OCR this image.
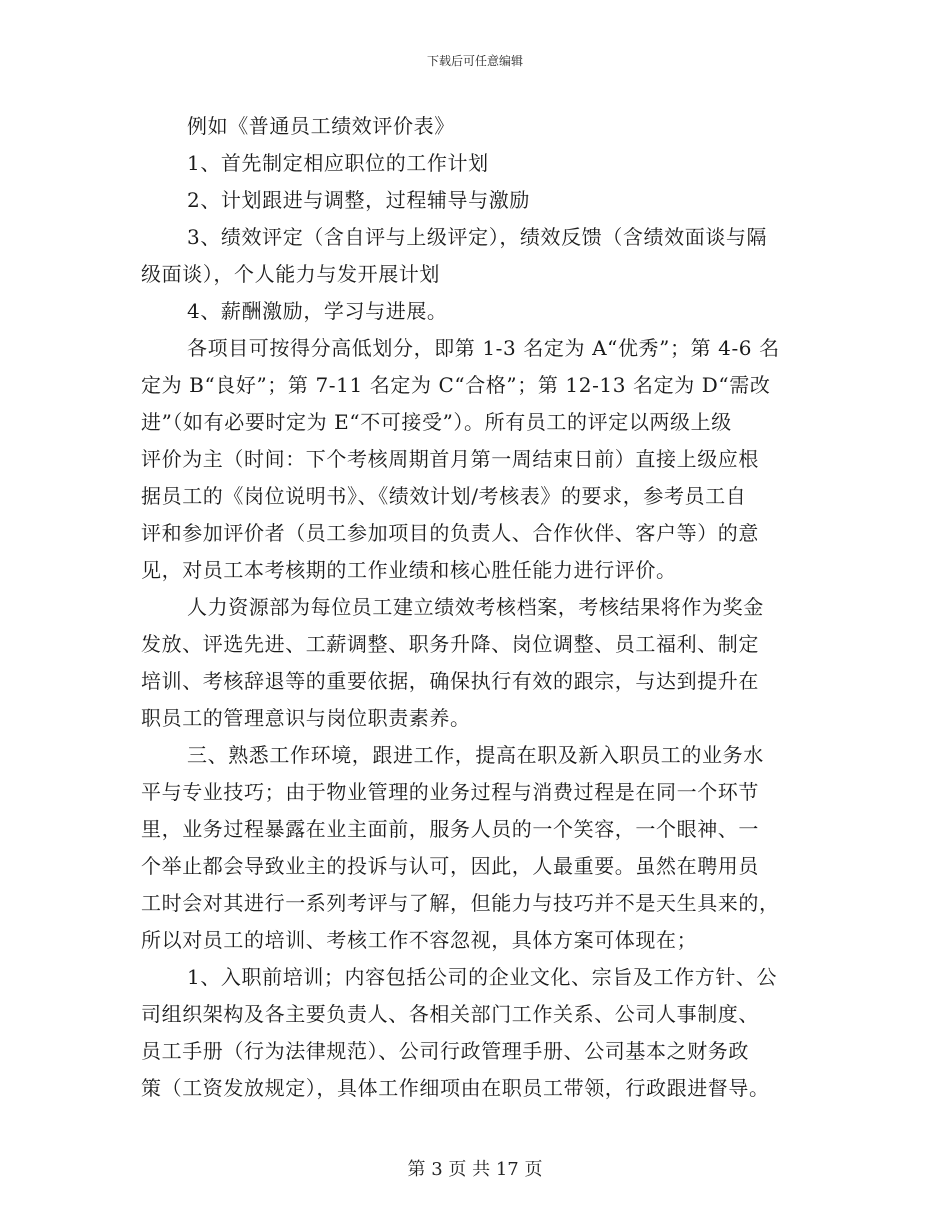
下载后可任意编辑

例如《普通员工绩效评价表》

1、首先制定相应职位的工作计划

2、计划跟进与调整，过程辅导与激励

3、绩效评定（含自评与上级评定），绩效反馈（含绩效面谈与隔
级面谈），个人能力与发开展计划

4、薪酬激励，学习与进展。

各项目可按得分高低划分，即第 1-3 名定为 A“优秀”；第 4-6 名
定为 B“良好”；第 7-11 名定为 C“合格”；第 12-13 名定为 D“需改
进”（如有必要时定为 E“不可接受”）。所有员工的评定以两级上级
评价为主（时间：下个考核周期首月第一周结束日前）直接上级应根
据员工的《岗位说明书》、《绩效计划/考核表》的要求，参考员工自
评和参加评价者（员工参加项目的负责人、合作伙伴、客户等）的意
见，对员工本考核期的工作业绩和核心胜任能力进行评价。

人力资源部为每位员工建立绩效考核档案，考核结果将作为奖金
发放、评选先进、工薪调整、职务升降、岗位调整、员工福利、制定
培训、考核辞退等的重要依据，确保执行有效的跟宗，与达到提升在
职员工的管理意识与岗位职责素养。

三、熟悉工作环境，跟进工作，提高在职及新入职员工的业务水
平与专业技巧；由于物业管理的业务过程与消费过程是在同一个环节
里，业务过程暴露在业主面前，服务人员的一个笑容，一个眼神、一
个举止都会导致业主的投诉与认可，因此，人最重要。虽然在聘用员
工时会对其进行一系列考评与了解，但能力与技巧并不是天生具来的，
所以对员工的培训、考核工作不容忽视，具体方案可体现在；

1、入职前培训；内容包括公司的企业文化、宗旨及工作方针、公
司组织架构及各主要负责人、各相关部门工作关系、公司人事制度、
员工手册（行为法律规范）、公司行政管理手册、公司基本之财务政
策（工资发放规定），具体工作细项由在职员工带领，行政跟进督导。

第 3 页 共 17 页
